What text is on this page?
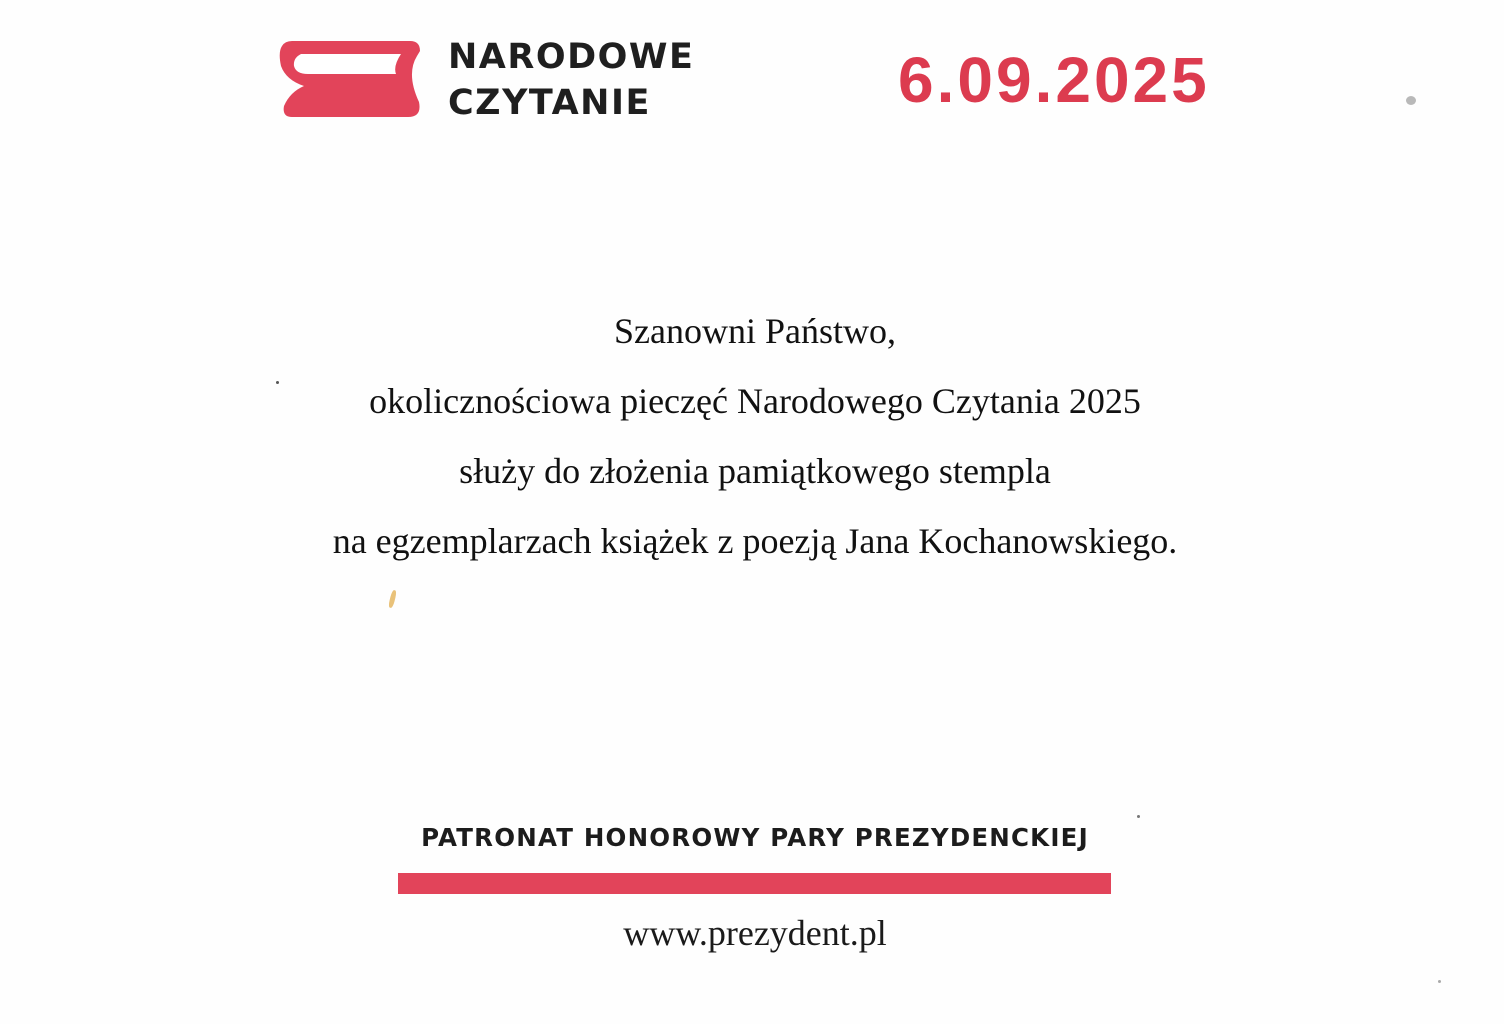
NARODOWE
CZYTANIE	6.09.2025
Szanowni Państwo,
okolicznościowa pieczęć Narodowego Czytania 2025
służy do złożenia pamiątkowego stempla
na egzemplarzach książek z poezją Jana Kochanowskiego.
PATRONAT HONOROWY PARY PREZYDENCKIEJ
www.prezydent.pl
